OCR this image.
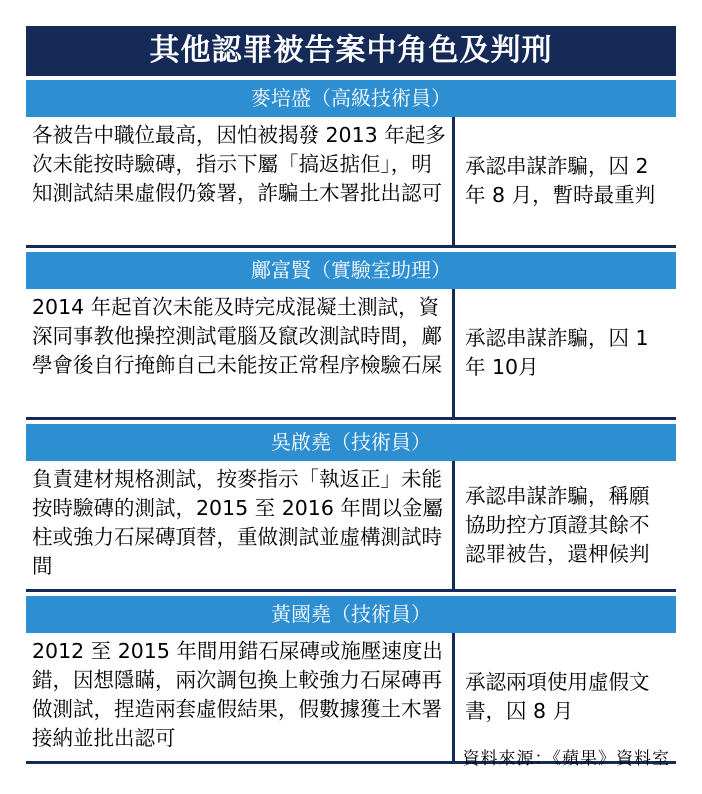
其他認罪被告案中角色及判刑
麥培盛（高級技術員）
各被告中職位最高，因怕被揭發 2013 年起多次未能按時驗磚，指示下屬「搞返掂佢」，明知測試結果虛假仍簽署，詐騙土木署批出認可
承認串謀詐騙，囚 2 年 8 月，暫時最重判
鄺富賢（實驗室助理）
2014 年起首次未能及時完成混凝土測試，資深同事教他操控測試電腦及竄改測試時間，鄺學會後自行掩飾自己未能按正常程序檢驗石屎
承認串謀詐騙，囚 1年 10月
吳啟堯（技術員）
負責建材規格測試，按麥指示「執返正」未能按時驗磚的測試，2015 至 2016 年間以金屬柱或強力石屎磚頂替，重做測試並虛構測試時間
承認串謀詐騙，稱願協助控方頂證其餘不認罪被告，還柙候判
黃國堯（技術員）
2012 至 2015 年間用錯石屎磚或施壓速度出錯，因想隱瞞，兩次調包換上較強力石屎磚再做測試，捏造兩套虛假結果，假數據獲土木署接納並批出認可
承認兩項使用虛假文書，囚 8 月
資料來源：《蘋果》資料室
